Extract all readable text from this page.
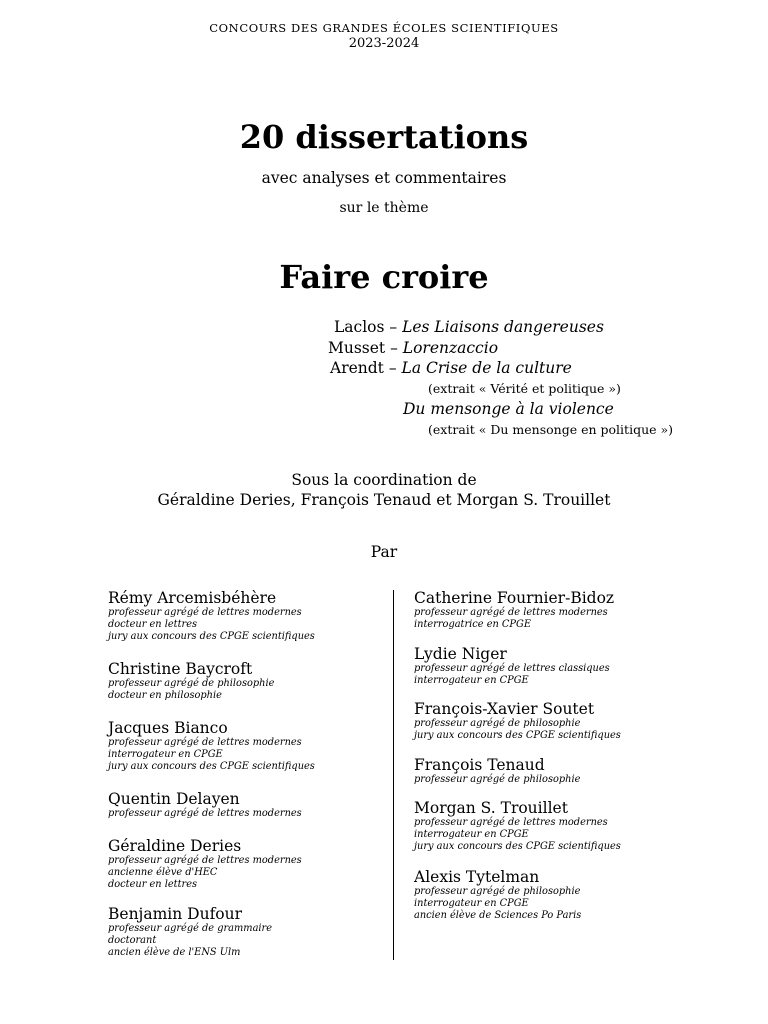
CONCOURS DES GRANDES ÉCOLES SCIENTIFIQUES
2023-2024
20 dissertations
avec analyses et commentaires
sur le thème
Faire croire
Laclos – Les Liaisons dangereuses
Musset – Lorenzaccio
Arendt – La Crise de la culture
(extrait « Vérité et politique »)
Du mensonge à la violence
(extrait « Du mensonge en politique »)
Sous la coordination de
Géraldine Deries, François Tenaud et Morgan S. Trouillet
Par
Rémy Arcemisbéhère
professeur agrégé de lettres modernes
docteur en lettres
jury aux concours des CPGE scientifiques
Christine Baycroft
professeur agrégé de philosophie
docteur en philosophie
Jacques Bianco
professeur agrégé de lettres modernes
interrogateur en CPGE
jury aux concours des CPGE scientifiques
Quentin Delayen
professeur agrégé de lettres modernes
Géraldine Deries
professeur agrégé de lettres modernes
ancienne élève d'HEC
docteur en lettres
Benjamin Dufour
professeur agrégé de grammaire
doctorant
ancien élève de l'ENS Ulm
Catherine Fournier-Bidoz
professeur agrégé de lettres modernes
interrogatrice en CPGE
Lydie Niger
professeur agrégé de lettres classiques
interrogateur en CPGE
François-Xavier Soutet
professeur agrégé de philosophie
jury aux concours des CPGE scientifiques
François Tenaud
professeur agrégé de philosophie
Morgan S. Trouillet
professeur agrégé de lettres modernes
interrogateur en CPGE
jury aux concours des CPGE scientifiques
Alexis Tytelman
professeur agrégé de philosophie
interrogateur en CPGE
ancien élève de Sciences Po Paris
